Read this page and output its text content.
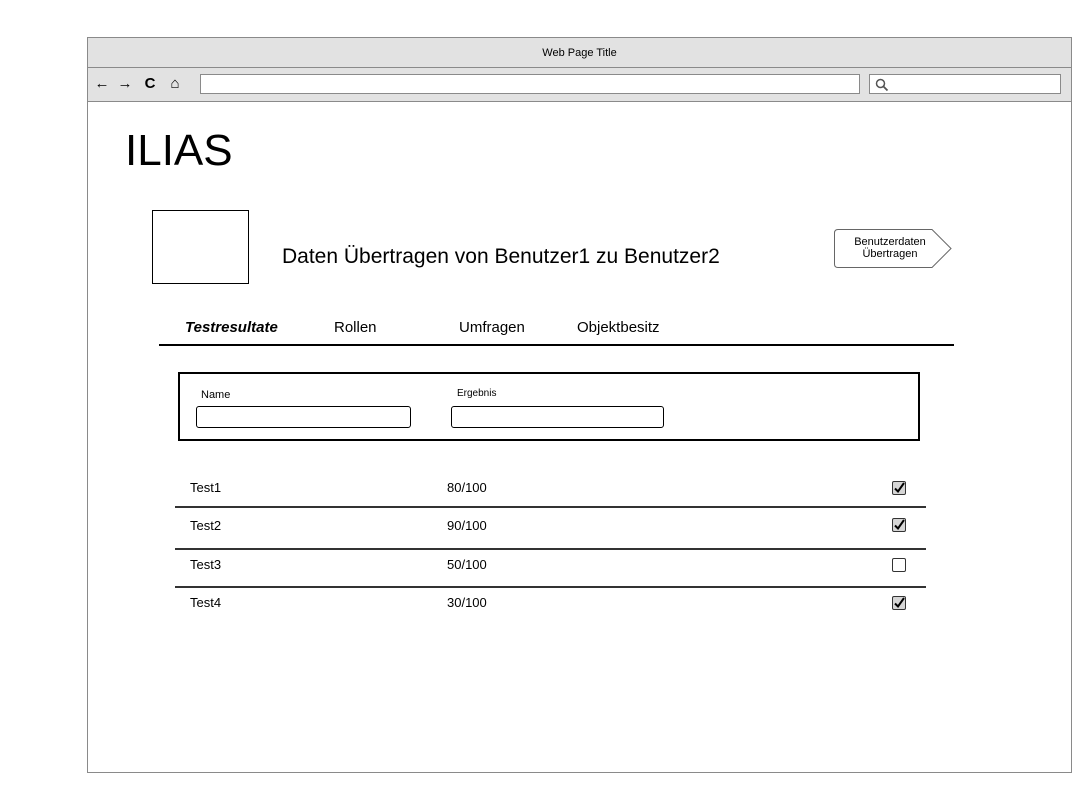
Web Page Title
← → C ⌂
ILIAS
Daten Übertragen von Benutzer1 zu Benutzer2
Benutzerdaten
Übertragen
Testresultate	Rollen	Umfragen	Objektbesitz
Name	Ergebnis
Test1	80/100
Test2	90/100
Test3	50/100
Test4	30/100
